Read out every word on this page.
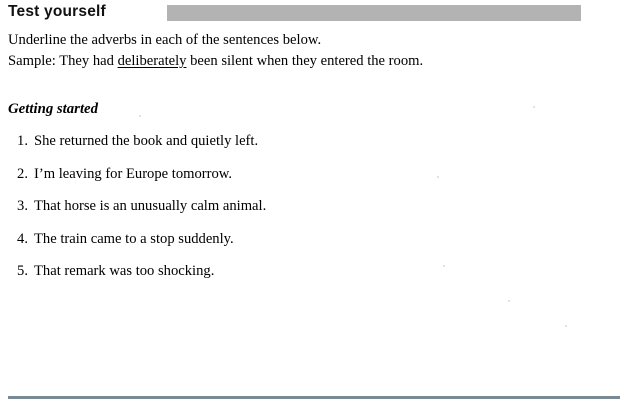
Test yourself
Underline the adverbs in each of the sentences below.
Sample: They had deliberately been silent when they entered the room.
Getting started
1. She returned the book and quietly left.
2. I’m leaving for Europe tomorrow.
3. That horse is an unusually calm animal.
4. The train came to a stop suddenly.
5. That remark was too shocking.
